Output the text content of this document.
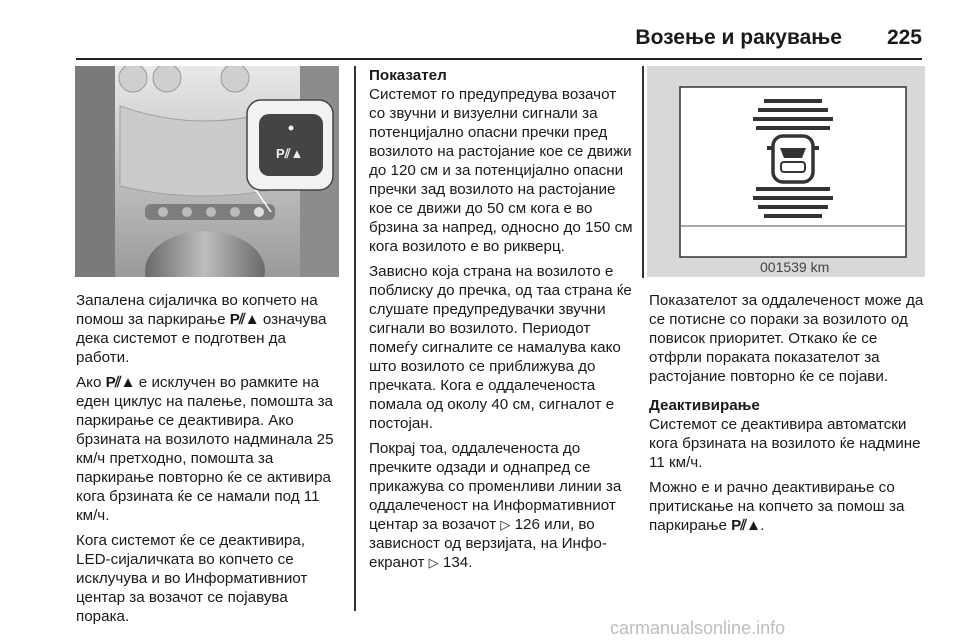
Возење и ракување 225
P⫽▲
001539 km

Запалена сијаличка во копчето на помош за паркирање P⫽▲ означува дека системот е подготвен да работи.

Ако P⫽▲ е исклучен во рамките на еден циклус на палење, помошта за паркирање се деактивира. Ако брзината на возилото надминала 25 км/ч претходно, помошта за паркирање повторно ќе се активира кога брзината ќе се намали под 11 км/ч.

Кога системот ќе се деактивира, LED-сијаличката во копчето се исклучува и во Информативниот центар за возачот се појавува порака.

Показател

Системот го предупредува возачот со звучни и визуелни сигнали за потенцијално опасни пречки пред возилото на растојание кое се движи до 120 см и за потенцијално опасни пречки зад возилото на растојание кое се движи до 50 см кога е во брзина за напред, односно до 150 см кога возилото е во рикверц.

Зависно која страна на возилото е поблиску до пречка, од таа страна ќе слушате предупредувачки звучни сигнали во возилото. Периодот помеѓу сигналите се намалува како што возилото се приближува до пречката. Кога е оддалеченоста помала од околу 40 см, сигналот е постојан.

Покрај тоа, оддалеченоста до пречките одзади и однапред се прикажува со променливи линии за оддалеченост на Информативниот центар за возачот ▷ 126 или, во зависност од верзијата, на Инфо-екранот ▷ 134.

Показателот за оддалеченост може да се потисне со пораки за возилото од повисок приоритет. Откако ќе се отфрли пораката показателот за растојание повторно ќе се појави.

Деактивирање

Системот се деактивира автоматски кога брзината на возилото ќе надмине 11 км/ч.

Можно е и рачно деактивирање со притискање на копчето за помош за паркирање P⫽▲.

carmanualsonline.info
